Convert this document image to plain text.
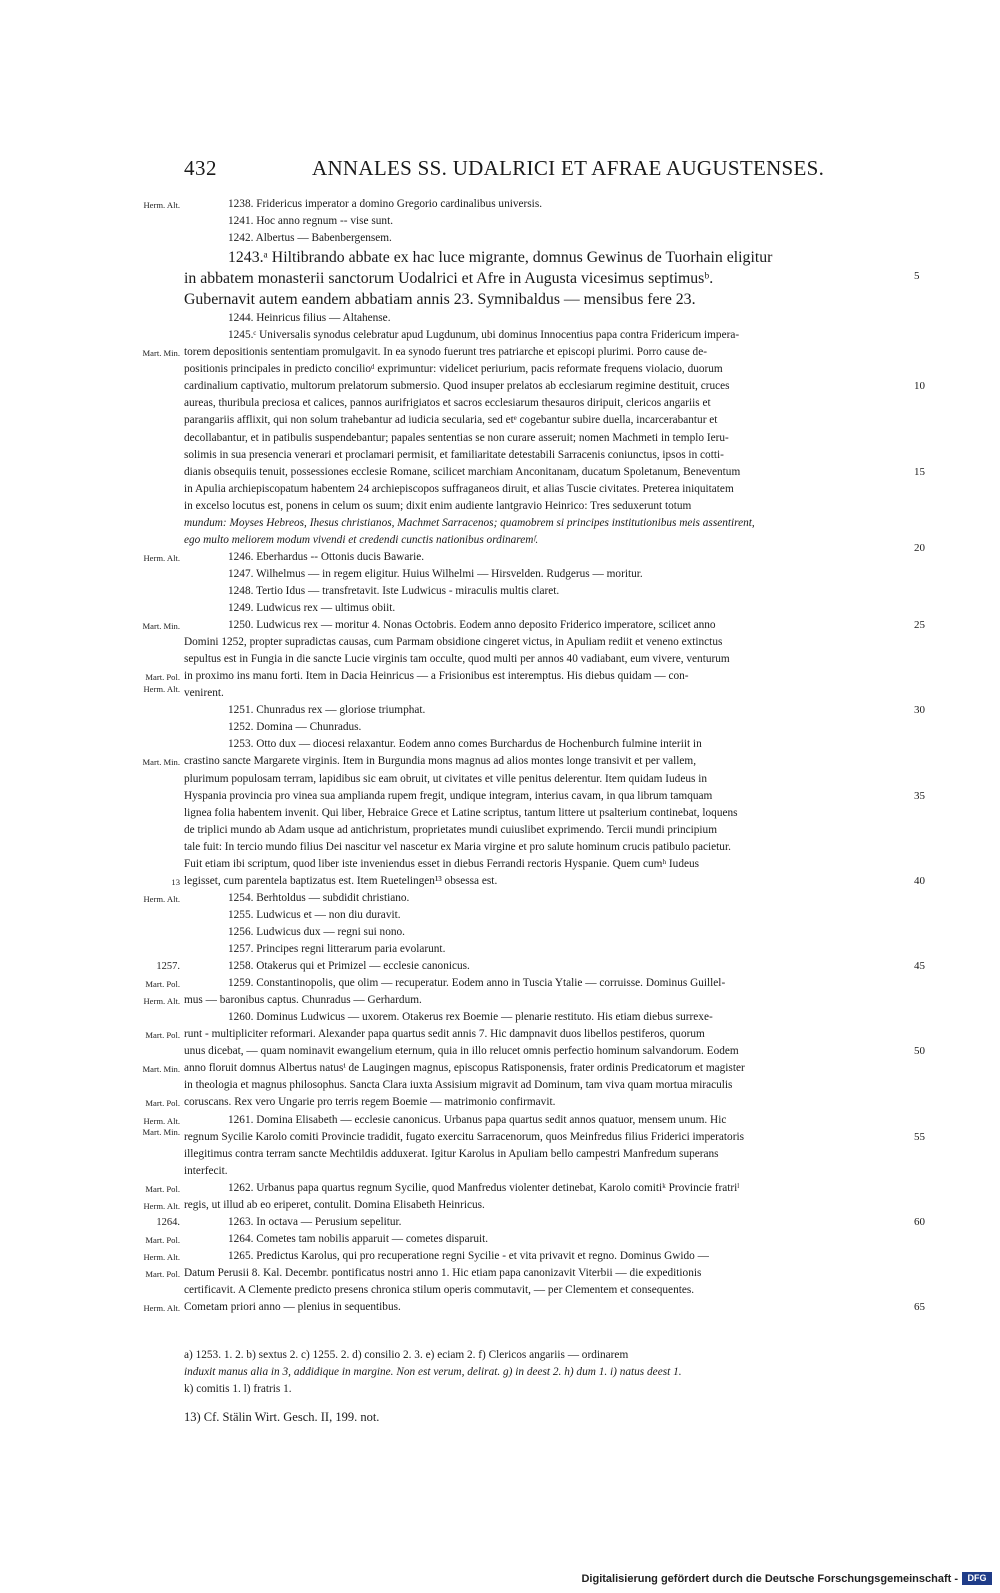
432	ANNALES SS. UDALRICI ET AFRAE AUGUSTENSES.
1238. Fridericus imperator a domino Gregorio cardinalibus universis.
1241. Hoc anno regnum -- vise sunt.
1242. Albertus — Babenbergensem.
1243.ᵃ Hiltibrando abbate ex hac luce migrante, domnus Gewinus de Tuorhain eligitur
in abbatem monasterii sanctorum Uodalrici et Afre in Augusta vicesimus septimusᵇ.
Gubernavit autem eandem abbatiam annis 23. Symnibaldus — mensibus fere 23.
1244. Heinricus filius — Altahense.
1245.ᶜ Universalis synodus celebratur apud Lugdunum, ubi dominus Innocentius papa contra Fridericum impera-
torem depositionis sententiam promulgavit. In ea synodo fuerunt tres patriarche et episcopi plurimi. Porro cause de-
positionis principales in predicto concilioᵈ exprimuntur: videlicet periurium, pacis reformate frequens violacio, duorum
cardinalium captivatio, multorum prelatorum submersio. Quod insuper prelatos ab ecclesiarum regimine destituit, cruces
aureas, thuribula preciosa et calices, pannos aurifrigiatos et sacros ecclesiarum thesauros diripuit, clericos angariis et
parangariis afflixit, qui non solum trahebantur ad iudicia secularia, sed etᵉ cogebantur subire duella, incarcerabantur et
decollabantur, et in patibulis suspendebantur; papales sententias se non curare asseruit; nomen Machmeti in templo Ieru-
solimis in sua presencia venerari et proclamari permisit, et familiaritate detestabili Sarracenis coniunctus, ipsos in cotti-
dianis obsequiis tenuit, possessiones ecclesie Romane, scilicet marchiam Anconitanam, ducatum Spoletanum, Beneventum
in Apulia archiepiscopatum habentem 24 archiepiscopos suffraganeos diruit, et alias Tuscie civitates. Preterea iniquitatem
in excelso locutus est, ponens in celum os suum; dixit enim audiente lantgravio Heinrico: Tres seduxerunt totum
mundum: Moyses Hebreos, Ihesus christianos, Machmet Sarracenos; quamobrem si principes institutionibus meis assentirent,
ego multo meliorem modum vivendi et credendi cunctis nationibus ordinaremᶠ.
1246. Eberhardus -- Ottonis ducis Bawarie.
1247. Wilhelmus — in regem eligitur. Huius Wilhelmi — Hirsvelden. Rudgerus — moritur.
1248. Tertio Idus — transfretavit. Iste Ludwicus - miraculis multis claret.
1249. Ludwicus rex — ultimus obiit.
1250. Ludwicus rex — moritur 4. Nonas Octobris. Eodem anno deposito Friderico imperatore, scilicet anno
Domini 1252, propter supradictas causas, cum Parmam obsidione cingeret victus, in Apuliam rediit et veneno extinctus
sepultus est in Fungia in die sancte Lucie virginis tam occulte, quod multi per annos 40 vadiabant, eum vivere, venturum
in proximo ins manu forti. Item in Dacia Heinricus — a Frisionibus est interemptus. His diebus quidam — con-
venirent.
1251. Chunradus rex — gloriose triumphat.
1252. Domina — Chunradus.
1253. Otto dux — diocesi relaxantur. Eodem anno comes Burchardus de Hochenburch fulmine interiit in
crastino sancte Margarete virginis. Item in Burgundia mons magnus ad alios montes longe transivit et per vallem,
plurimum populosam terram, lapidibus sic eam obruit, ut civitates et ville penitus delerentur. Item quidam Iudeus in
Hyspania provincia pro vinea sua amplianda rupem fregit, undique integram, interius cavam, in qua librum tamquam
lignea folia habentem invenit. Qui liber, Hebraice Grece et Latine scriptus, tantum littere ut psalterium continebat, loquens
de triplici mundo ab Adam usque ad antichristum, proprietates mundi cuiuslibet exprimendo. Tercii mundi principium
tale fuit: In tercio mundo filius Dei nascitur vel nascetur ex Maria virgine et pro salute hominum crucis patibulo pacietur.
Fuit etiam ibi scriptum, quod liber iste inveniendus esset in diebus Ferrandi rectoris Hyspanie. Quem cumʰ Iudeus
legisset, cum parentela baptizatus est. Item Ruetelingen¹³ obsessa est.
1254. Berhtoldus — subdidit christiano.
1255. Ludwicus et — non diu duravit.
1256. Ludwicus dux — regni sui nono.
1257. Principes regni litterarum paria evolarunt.
1258. Otakerus qui et Primizel — ecclesie canonicus.
1259. Constantinopolis, que olim — recuperatur. Eodem anno in Tuscia Ytalie — corruisse. Dominus Guillel-
mus — baronibus captus. Chunradus — Gerhardum.
1260. Dominus Ludwicus — uxorem. Otakerus rex Boemie — plenarie restituto. His etiam diebus surrexe-
runt - multipliciter reformari. Alexander papa quartus sedit annis 7. Hic dampnavit duos libellos pestiferos, quorum
unus dicebat, — quam nominavit ewangelium eternum, quia in illo relucet omnis perfectio hominum salvandorum. Eodem
anno floruit domnus Albertus natusⁱ de Laugingen magnus, episcopus Ratisponensis, frater ordinis Predicatorum et magister
in theologia et magnus philosophus. Sancta Clara iuxta Assisium migravit ad Dominum, tam viva quam mortua miraculis
coruscans. Rex vero Ungarie pro terris regem Boemie — matrimonio confirmavit.
1261. Domina Elisabeth — ecclesie canonicus. Urbanus papa quartus sedit annos quatuor, mensem unum. Hic
regnum Sycilie Karolo comiti Provincie tradidit, fugato exercitu Sarracenorum, quos Meinfredus filius Friderici imperatoris
illegitimus contra terram sancte Mechtildis adduxerat. Igitur Karolus in Apuliam bello campestri Manfredum superans
interfecit.
1262. Urbanus papa quartus regnum Sycilie, quod Manfredus violenter detinebat, Karolo comitiᵏ Provincie fratriˡ
regis, ut illud ab eo eriperet, contulit. Domina Elisabeth Heinricus.
1263. In octava — Perusium sepelitur.
1264. Cometes tam nobilis apparuit — cometes disparuit.
1265. Predictus Karolus, qui pro recuperatione regni Sycilie - et vita privavit et regno. Dominus Gwido —
Datum Perusii 8. Kal. Decembr. pontificatus nostri anno 1. Hic etiam papa canonizavit Viterbii — die expeditionis
certificavit. A Clemente predicto presens chronica stilum operis commutavit, — per Clementem et consequentes.
Cometam priori anno — plenius in sequentibus.
Herm. Alt.
Mart. Min.
Herm. Alt.
Mart. Min.
Mart. Pol.
Herm. Alt.
Mart. Min.
13
Herm. Alt.
1257.
Mart. Pol.
Herm. Alt.
Mart. Pol.
Mart. Min.
Mart. Pol.
Herm. Alt.
Mart. Min.
Mart. Pol.
Herm. Alt.
1264.
Mart. Pol.
Herm. Alt.
Mart. Pol.
Herm. Alt.
5
10
15
20
25
30
35
40
45
50
55
60
65
a) 1253. 1. 2. b) sextus 2. c) 1255. 2. d) consilio 2. 3. e) eciam 2. f) Clericos angariis — ordinarem
induxit manus alia in 3, addidique in margine. Non est verum, delirat. g) in deest 2. h) dum 1. i) natus deest 1.
k) comitis 1. l) fratris 1.
13) Cf. Stälin Wirt. Gesch. II, 199. not.
Digitalisierung gefördert durch die Deutsche Forschungsgemeinschaft -	DFG
